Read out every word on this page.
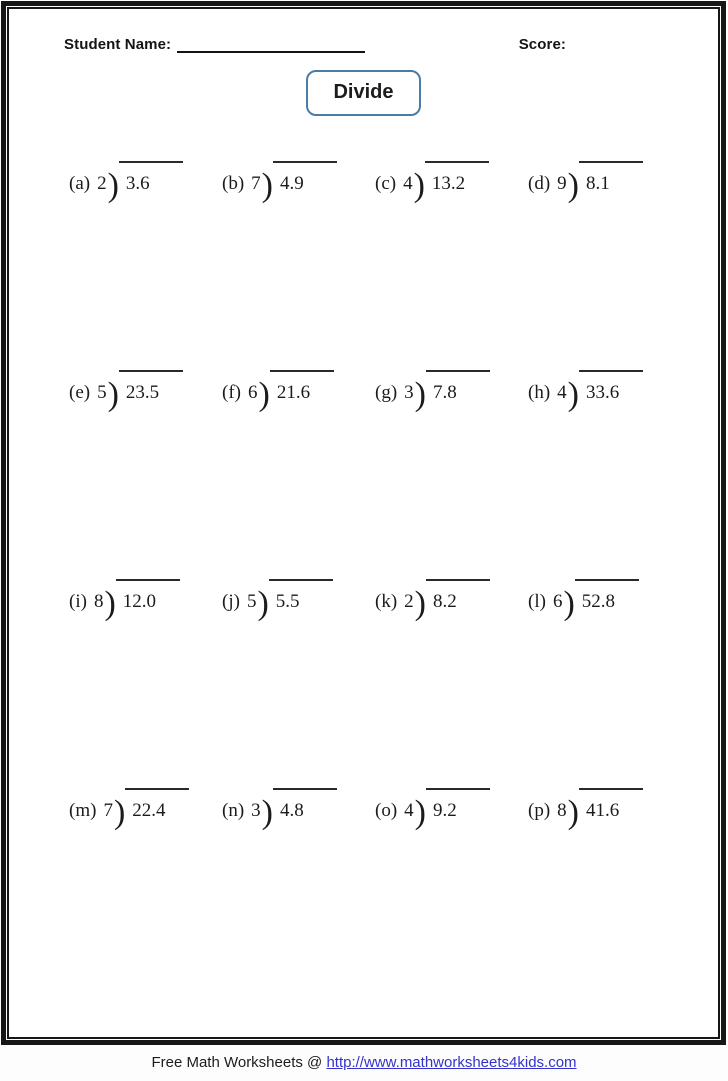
Student Name:	Score:
Divide
(a) 2 ) 3.6	(b) 7 ) 4.9	(c) 4 ) 13.2	(d) 9 ) 8.1
(e) 5 ) 23.5	(f) 6 ) 21.6	(g) 3 ) 7.8	(h) 4 ) 33.6
(i) 8 ) 12.0	(j) 5 ) 5.5	(k) 2 ) 8.2	(l) 6 ) 52.8
(m) 7 ) 22.4	(n) 3 ) 4.8	(o) 4 ) 9.2	(p) 8 ) 41.6
Free Math Worksheets @ http://www.mathworksheets4kids.com
